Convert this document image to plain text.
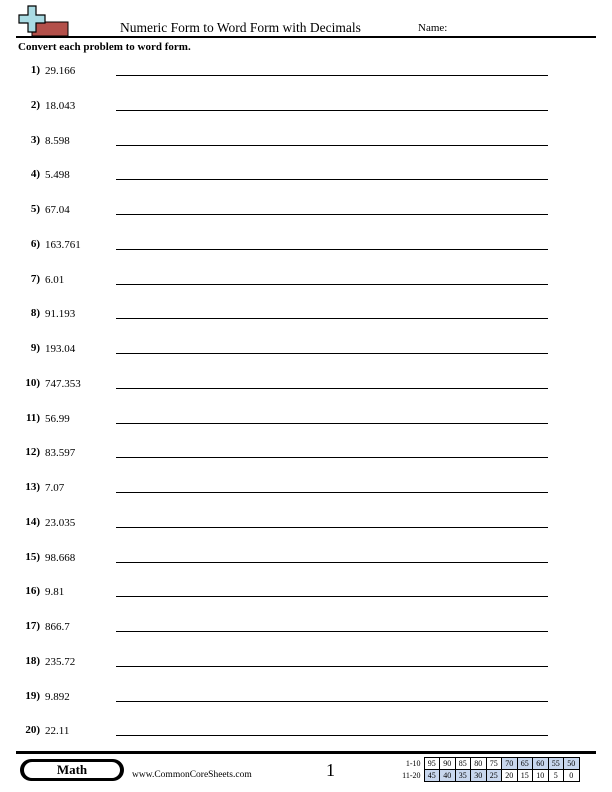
Numeric Form to Word Form with Decimals	Name:
Convert each problem to word form.
1) 29.166
2) 18.043
3) 8.598
4) 5.498
5) 67.04
6) 163.761
7) 6.01
8) 91.193
9) 193.04
10) 747.353
11) 56.99
12) 83.597
13) 7.07
14) 23.035
15) 98.668
16) 9.81
17) 866.7
18) 235.72
19) 9.892
20) 22.11
Math	www.CommonCoreSheets.com	1	1-10	95	90	85	80	75	70	65	60	55	50
11-20	45	40	35	30	25	20	15	10	5	0
